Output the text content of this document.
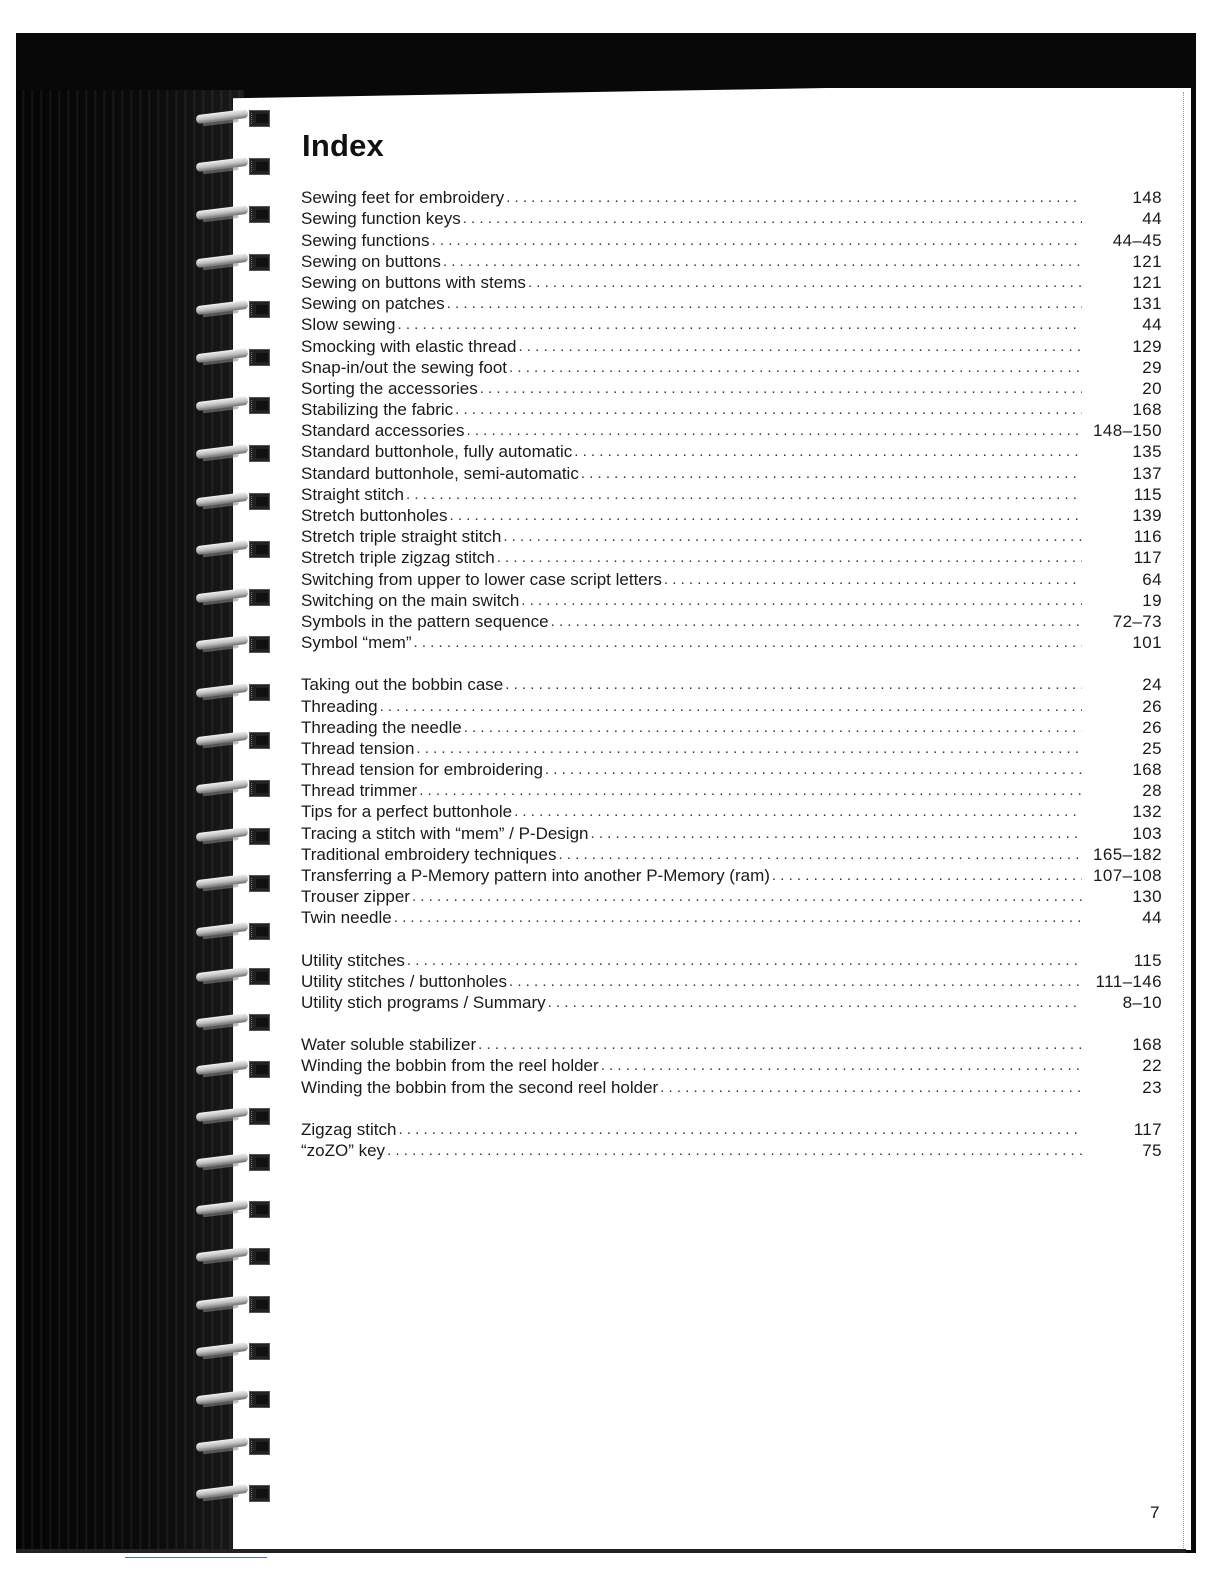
Index
Sewing feet for embroidery . . .	148
Sewing function keys . . .	44
Sewing functions . . .	44–45
Sewing on buttons . . .	121
Sewing on buttons with stems . . .	121
Sewing on patches . . .	131
Slow sewing . . .	44
Smocking with elastic thread . . .	129
Snap-in/out the sewing foot . . .	29
Sorting the accessories . . .	20
Stabilizing the fabric . . .	168
Standard accessories . . .	148–150
Standard buttonhole, fully automatic . . .	135
Standard buttonhole, semi-automatic . . .	137
Straight stitch . . .	115
Stretch buttonholes . . .	139
Stretch triple straight stitch . . .	116
Stretch triple zigzag stitch . . .	117
Switching from upper to lower case script letters . . .	64
Switching on the main switch . . .	19
Symbols in the pattern sequence . . .	72–73
Symbol “mem” . . .	101
Taking out the bobbin case . . .	24
Threading . . .	26
Threading the needle . . .	26
Thread tension . . .	25
Thread tension for embroidering . . .	168
Thread trimmer . . .	28
Tips for a perfect buttonhole . . .	132
Tracing a stitch with “mem” / P-Design . . .	103
Traditional embroidery techniques . . .	165–182
Transferring a P-Memory pattern into another P-Memory (ram) . . .	107–108
Trouser zipper . . .	130
Twin needle . . .	44
Utility stitches . . .	115
Utility stitches / buttonholes . . .	111–146
Utility stich programs / Summary . . .	8–10
Water soluble stabilizer . . .	168
Winding the bobbin from the reel holder . . .	22
Winding the bobbin from the second reel holder . . .	23
Zigzag stitch . . .	117
“zoZO” key . . .	75
7
